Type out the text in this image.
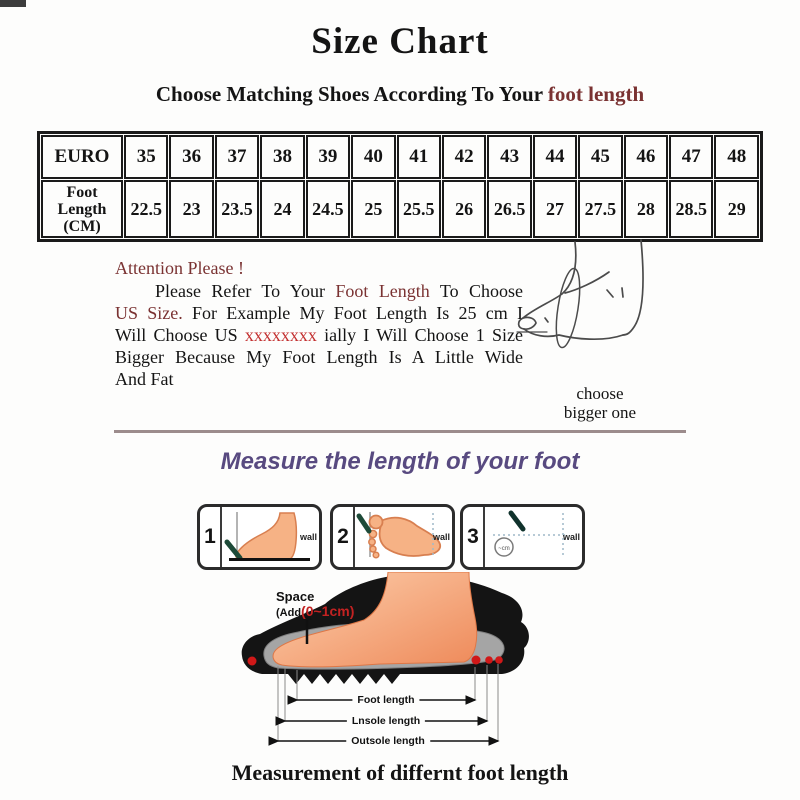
Size Chart
Choose Matching Shoes According To Your foot length
EURO	35	36	37	38	39	40	41	42	43	44	45	46	47	48
Foot Length (CM)	22.5	23	23.5	24	24.5	25	25.5	26	26.5	27	27.5	28	28.5	29
Attention Please !
Please Refer To Your Foot Length To Choose
US Size. For Example My Foot Length Is 25 cm I
Will Choose US xxxxxxxx ially I Will Choose 1 Size
Bigger Because My Foot Length Is A Little Wide
And Fat
choose
bigger one
Measure the length of your foot
1	wall 2	wall 3
~cm
wall
Space
(Add(0~1cm)
Foot length
Lnsole length
Outsole length
Measurement of differnt foot length
